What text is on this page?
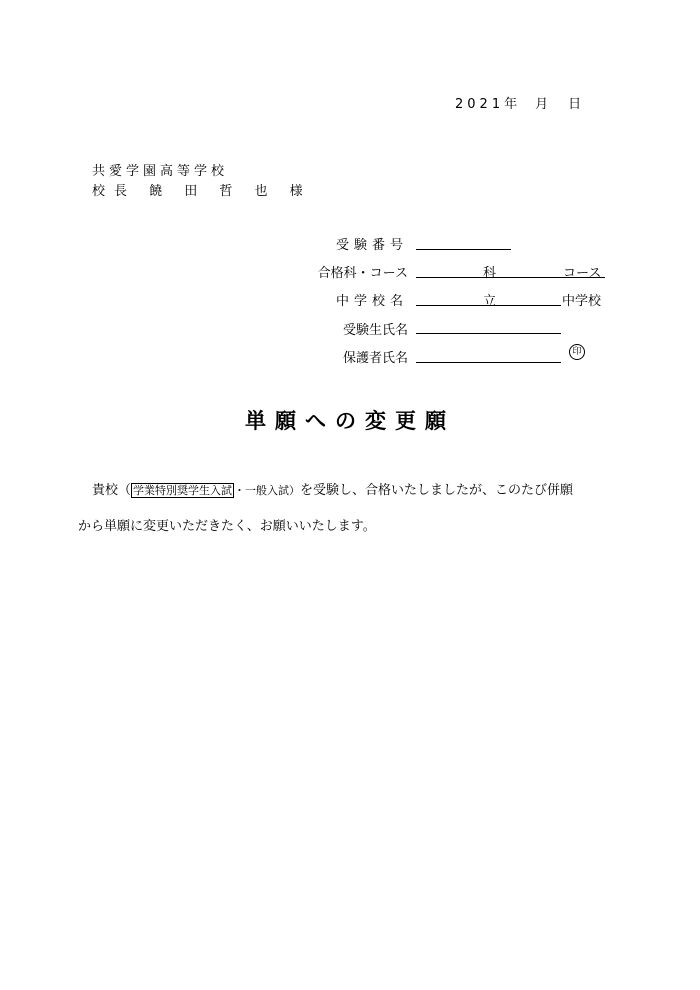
2021年 月 日
共愛学園高等学校
校長 饒 田 哲 也 様
受験番号
合格科・コース	科	コース
中学校名	立	中学校
受験生氏名
保護者氏名	印
単願への変更願
貴校（ 学業特別奨学生入試 ・一般入試）を受験し、合格いたしましたが、このたび併願
から単願に変更いただきたく、お願いいたします。
